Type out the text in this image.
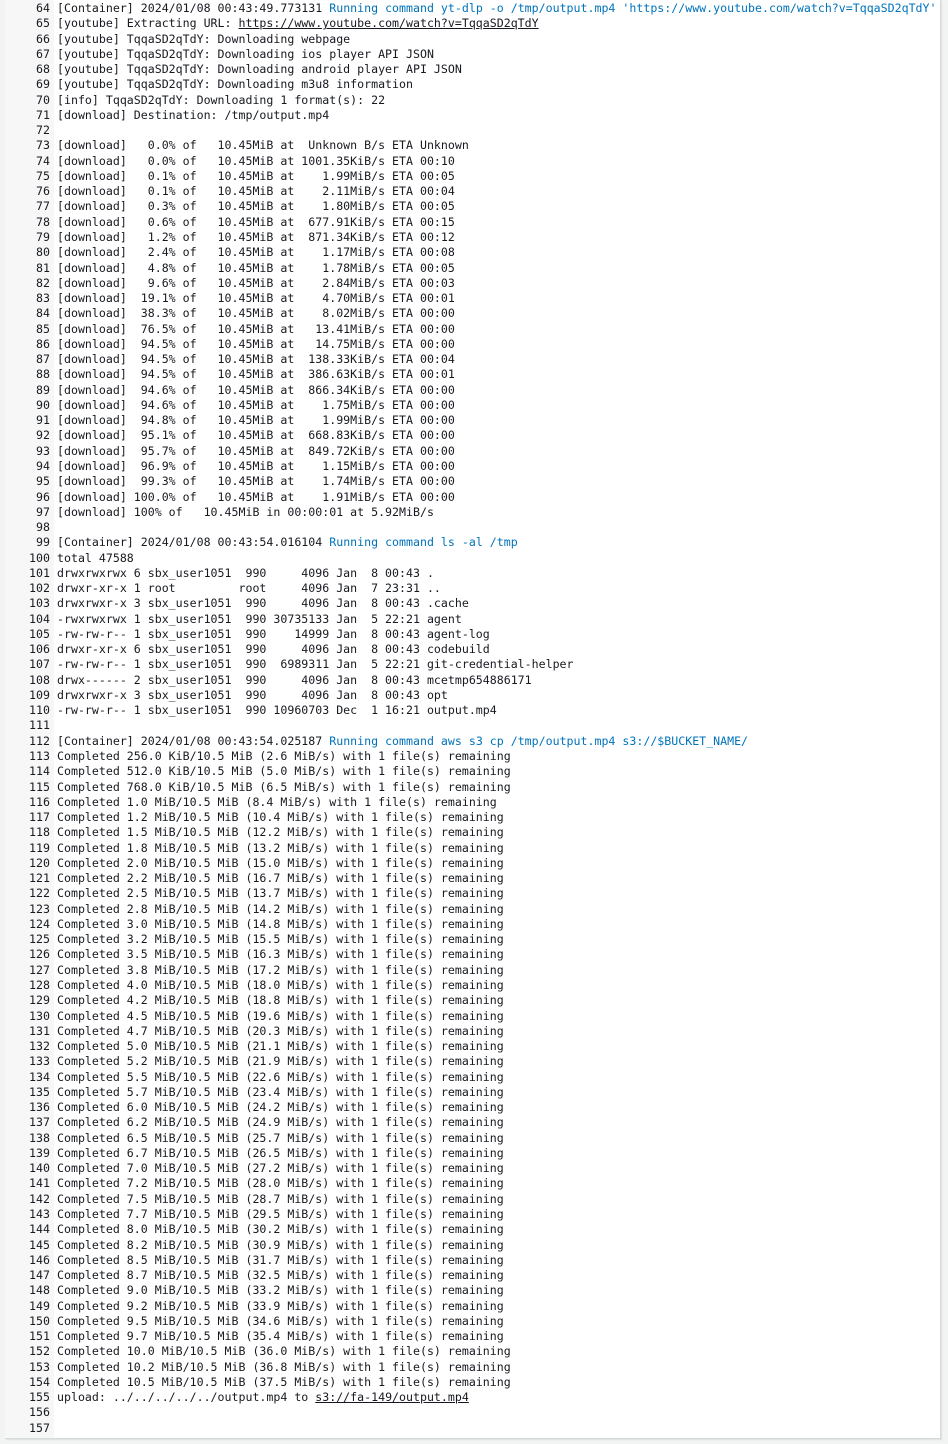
64 [Container] 2024/01/08 00:43:49.773131 Running command yt-dlp -o /tmp/output.mp4 'https://www.youtube.com/watch?v=TqqaSD2qTdY'
65 [youtube] Extracting URL: https://www.youtube.com/watch?v=TqqaSD2qTdY
66 [youtube] TqqaSD2qTdY: Downloading webpage
67 [youtube] TqqaSD2qTdY: Downloading ios player API JSON
68 [youtube] TqqaSD2qTdY: Downloading android player API JSON
69 [youtube] TqqaSD2qTdY: Downloading m3u8 information
70 [info] TqqaSD2qTdY: Downloading 1 format(s): 22
71 [download] Destination: /tmp/output.mp4
72
73 [download]   0.0% of   10.45MiB at  Unknown B/s ETA Unknown
74 [download]   0.0% of   10.45MiB at 1001.35KiB/s ETA 00:10
75 [download]   0.1% of   10.45MiB at    1.99MiB/s ETA 00:05
76 [download]   0.1% of   10.45MiB at    2.11MiB/s ETA 00:04
77 [download]   0.3% of   10.45MiB at    1.80MiB/s ETA 00:05
78 [download]   0.6% of   10.45MiB at  677.91KiB/s ETA 00:15
79 [download]   1.2% of   10.45MiB at  871.34KiB/s ETA 00:12
80 [download]   2.4% of   10.45MiB at    1.17MiB/s ETA 00:08
81 [download]   4.8% of   10.45MiB at    1.78MiB/s ETA 00:05
82 [download]   9.6% of   10.45MiB at    2.84MiB/s ETA 00:03
83 [download]  19.1% of   10.45MiB at    4.70MiB/s ETA 00:01
84 [download]  38.3% of   10.45MiB at    8.02MiB/s ETA 00:00
85 [download]  76.5% of   10.45MiB at   13.41MiB/s ETA 00:00
86 [download]  94.5% of   10.45MiB at   14.75MiB/s ETA 00:00
87 [download]  94.5% of   10.45MiB at  138.33KiB/s ETA 00:04
88 [download]  94.5% of   10.45MiB at  386.63KiB/s ETA 00:01
89 [download]  94.6% of   10.45MiB at  866.34KiB/s ETA 00:00
90 [download]  94.6% of   10.45MiB at    1.75MiB/s ETA 00:00
91 [download]  94.8% of   10.45MiB at    1.99MiB/s ETA 00:00
92 [download]  95.1% of   10.45MiB at  668.83KiB/s ETA 00:00
93 [download]  95.7% of   10.45MiB at  849.72KiB/s ETA 00:00
94 [download]  96.9% of   10.45MiB at    1.15MiB/s ETA 00:00
95 [download]  99.3% of   10.45MiB at    1.74MiB/s ETA 00:00
96 [download] 100.0% of   10.45MiB at    1.91MiB/s ETA 00:00
97 [download] 100% of   10.45MiB in 00:00:01 at 5.92MiB/s
98
99 [Container] 2024/01/08 00:43:54.016104 Running command ls -al /tmp
100 total 47588
101 drwxrwxrwx 6 sbx_user1051  990     4096 Jan  8 00:43 .
102 drwxr-xr-x 1 root         root     4096 Jan  7 23:31 ..
103 drwxrwxr-x 3 sbx_user1051  990     4096 Jan  8 00:43 .cache
104 -rwxrwxrwx 1 sbx_user1051  990 30735133 Jan  5 22:21 agent
105 -rw-rw-r-- 1 sbx_user1051  990    14999 Jan  8 00:43 agent-log
106 drwxr-xr-x 6 sbx_user1051  990     4096 Jan  8 00:43 codebuild
107 -rw-rw-r-- 1 sbx_user1051  990  6989311 Jan  5 22:21 git-credential-helper
108 drwx------ 2 sbx_user1051  990     4096 Jan  8 00:43 mcetmp654886171
109 drwxrwxr-x 3 sbx_user1051  990     4096 Jan  8 00:43 opt
110 -rw-rw-r-- 1 sbx_user1051  990 10960703 Dec  1 16:21 output.mp4
111
112 [Container] 2024/01/08 00:43:54.025187 Running command aws s3 cp /tmp/output.mp4 s3://$BUCKET_NAME/
113 Completed 256.0 KiB/10.5 MiB (2.6 MiB/s) with 1 file(s) remaining
114 Completed 512.0 KiB/10.5 MiB (5.0 MiB/s) with 1 file(s) remaining
115 Completed 768.0 KiB/10.5 MiB (6.5 MiB/s) with 1 file(s) remaining
116 Completed 1.0 MiB/10.5 MiB (8.4 MiB/s) with 1 file(s) remaining
117 Completed 1.2 MiB/10.5 MiB (10.4 MiB/s) with 1 file(s) remaining
118 Completed 1.5 MiB/10.5 MiB (12.2 MiB/s) with 1 file(s) remaining
119 Completed 1.8 MiB/10.5 MiB (13.2 MiB/s) with 1 file(s) remaining
120 Completed 2.0 MiB/10.5 MiB (15.0 MiB/s) with 1 file(s) remaining
121 Completed 2.2 MiB/10.5 MiB (16.7 MiB/s) with 1 file(s) remaining
122 Completed 2.5 MiB/10.5 MiB (13.7 MiB/s) with 1 file(s) remaining
123 Completed 2.8 MiB/10.5 MiB (14.2 MiB/s) with 1 file(s) remaining
124 Completed 3.0 MiB/10.5 MiB (14.8 MiB/s) with 1 file(s) remaining
125 Completed 3.2 MiB/10.5 MiB (15.5 MiB/s) with 1 file(s) remaining
126 Completed 3.5 MiB/10.5 MiB (16.3 MiB/s) with 1 file(s) remaining
127 Completed 3.8 MiB/10.5 MiB (17.2 MiB/s) with 1 file(s) remaining
128 Completed 4.0 MiB/10.5 MiB (18.0 MiB/s) with 1 file(s) remaining
129 Completed 4.2 MiB/10.5 MiB (18.8 MiB/s) with 1 file(s) remaining
130 Completed 4.5 MiB/10.5 MiB (19.6 MiB/s) with 1 file(s) remaining
131 Completed 4.7 MiB/10.5 MiB (20.3 MiB/s) with 1 file(s) remaining
132 Completed 5.0 MiB/10.5 MiB (21.1 MiB/s) with 1 file(s) remaining
133 Completed 5.2 MiB/10.5 MiB (21.9 MiB/s) with 1 file(s) remaining
134 Completed 5.5 MiB/10.5 MiB (22.6 MiB/s) with 1 file(s) remaining
135 Completed 5.7 MiB/10.5 MiB (23.4 MiB/s) with 1 file(s) remaining
136 Completed 6.0 MiB/10.5 MiB (24.2 MiB/s) with 1 file(s) remaining
137 Completed 6.2 MiB/10.5 MiB (24.9 MiB/s) with 1 file(s) remaining
138 Completed 6.5 MiB/10.5 MiB (25.7 MiB/s) with 1 file(s) remaining
139 Completed 6.7 MiB/10.5 MiB (26.5 MiB/s) with 1 file(s) remaining
140 Completed 7.0 MiB/10.5 MiB (27.2 MiB/s) with 1 file(s) remaining
141 Completed 7.2 MiB/10.5 MiB (28.0 MiB/s) with 1 file(s) remaining
142 Completed 7.5 MiB/10.5 MiB (28.7 MiB/s) with 1 file(s) remaining
143 Completed 7.7 MiB/10.5 MiB (29.5 MiB/s) with 1 file(s) remaining
144 Completed 8.0 MiB/10.5 MiB (30.2 MiB/s) with 1 file(s) remaining
145 Completed 8.2 MiB/10.5 MiB (30.9 MiB/s) with 1 file(s) remaining
146 Completed 8.5 MiB/10.5 MiB (31.7 MiB/s) with 1 file(s) remaining
147 Completed 8.7 MiB/10.5 MiB (32.5 MiB/s) with 1 file(s) remaining
148 Completed 9.0 MiB/10.5 MiB (33.2 MiB/s) with 1 file(s) remaining
149 Completed 9.2 MiB/10.5 MiB (33.9 MiB/s) with 1 file(s) remaining
150 Completed 9.5 MiB/10.5 MiB (34.6 MiB/s) with 1 file(s) remaining
151 Completed 9.7 MiB/10.5 MiB (35.4 MiB/s) with 1 file(s) remaining
152 Completed 10.0 MiB/10.5 MiB (36.0 MiB/s) with 1 file(s) remaining
153 Completed 10.2 MiB/10.5 MiB (36.8 MiB/s) with 1 file(s) remaining
154 Completed 10.5 MiB/10.5 MiB (37.5 MiB/s) with 1 file(s) remaining
155 upload: ../../../../../output.mp4 to s3://fa-149/output.mp4
156
157
